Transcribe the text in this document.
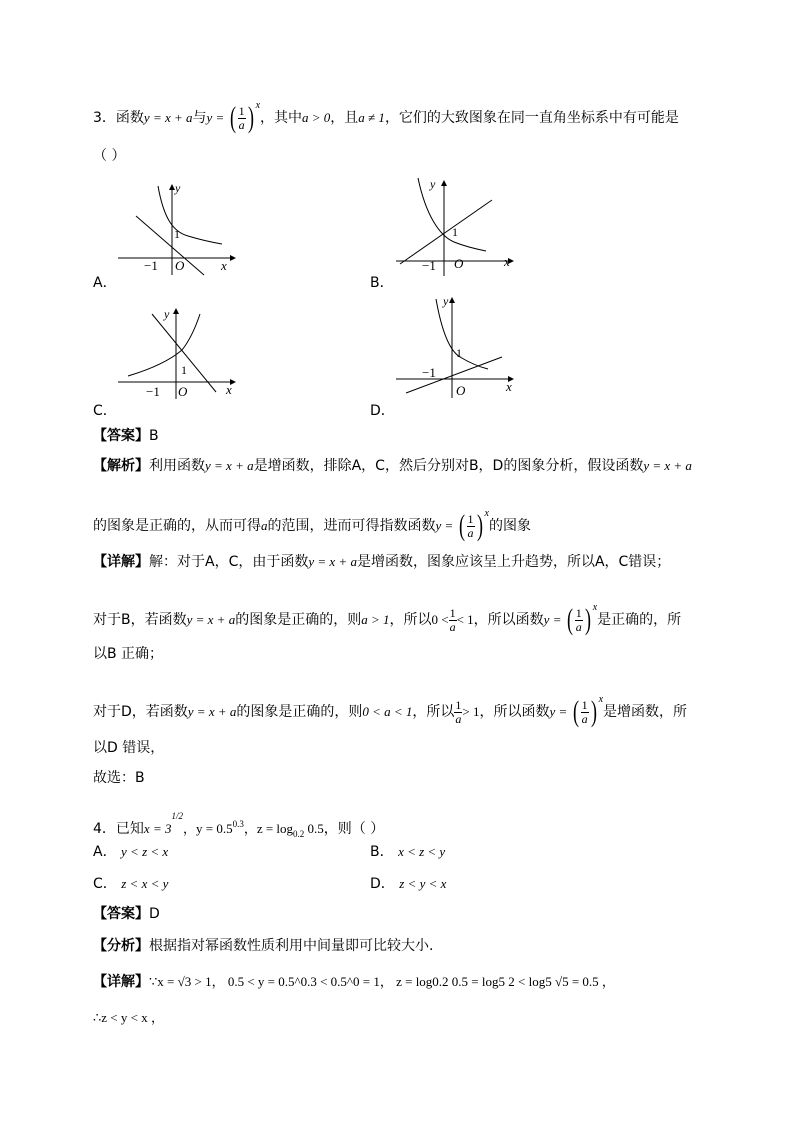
3．函数y = x + a与y = ( $\frac{1}{a}$ ) $^x$，其中a > 0，且a ≠ 1，它们的大致图象在同一直角坐标系中有可能是
（ ）
y
x
O
−1
1
A．
y
x
O
−1
1
B．
y
x
O
−1
1
C．
y
x
O
−1
1
D．
【答案】B
【解析】利用函数y = x + a是增函数，排除A，C，然后分别对B，D的图象分析，假设函数y = x + a
的图象是正确的，从而可得a的范围，进而可得指数函数y = ( $\frac{1}{a}$ ) $^x$的图象
【详解】解：对于A，C，由于函数y = x + a是增函数，图象应该呈上升趋势，所以A，C错误；
对于B，若函数y = x + a的图象是正确的，则a > 1，所以$0 < \frac{1}{a} < 1$，所以函数y = ( $\frac{1}{a}$ ) $^x$是正确的，所
以B 正确；
对于D，若函数y = x + a的图象是正确的，则0 < a < 1，所以 $\frac{1}{a} > 1$，所以函数y = ( $\frac{1}{a}$ ) $^x$是增函数，所
以D 错误，
故选：B
4．已知$x = 3^{1/2}$，$y = 0.5^{0.3}$，$z = \log_{0.2} 0.5$，则（ ）
A． y < z < x	B． x < z < y
C． z < x < y	D． z < y < x
【答案】D
【分析】根据指对幂函数性质利用中间量即可比较大小.
【详解】∵x = √3 > 1， 0.5 < y = 0.5^0.3 < 0.5^0 = 1， z = log0.2 0.5 = log5 2 < log5 √5 = 0.5 ，
∴z < y < x ，
